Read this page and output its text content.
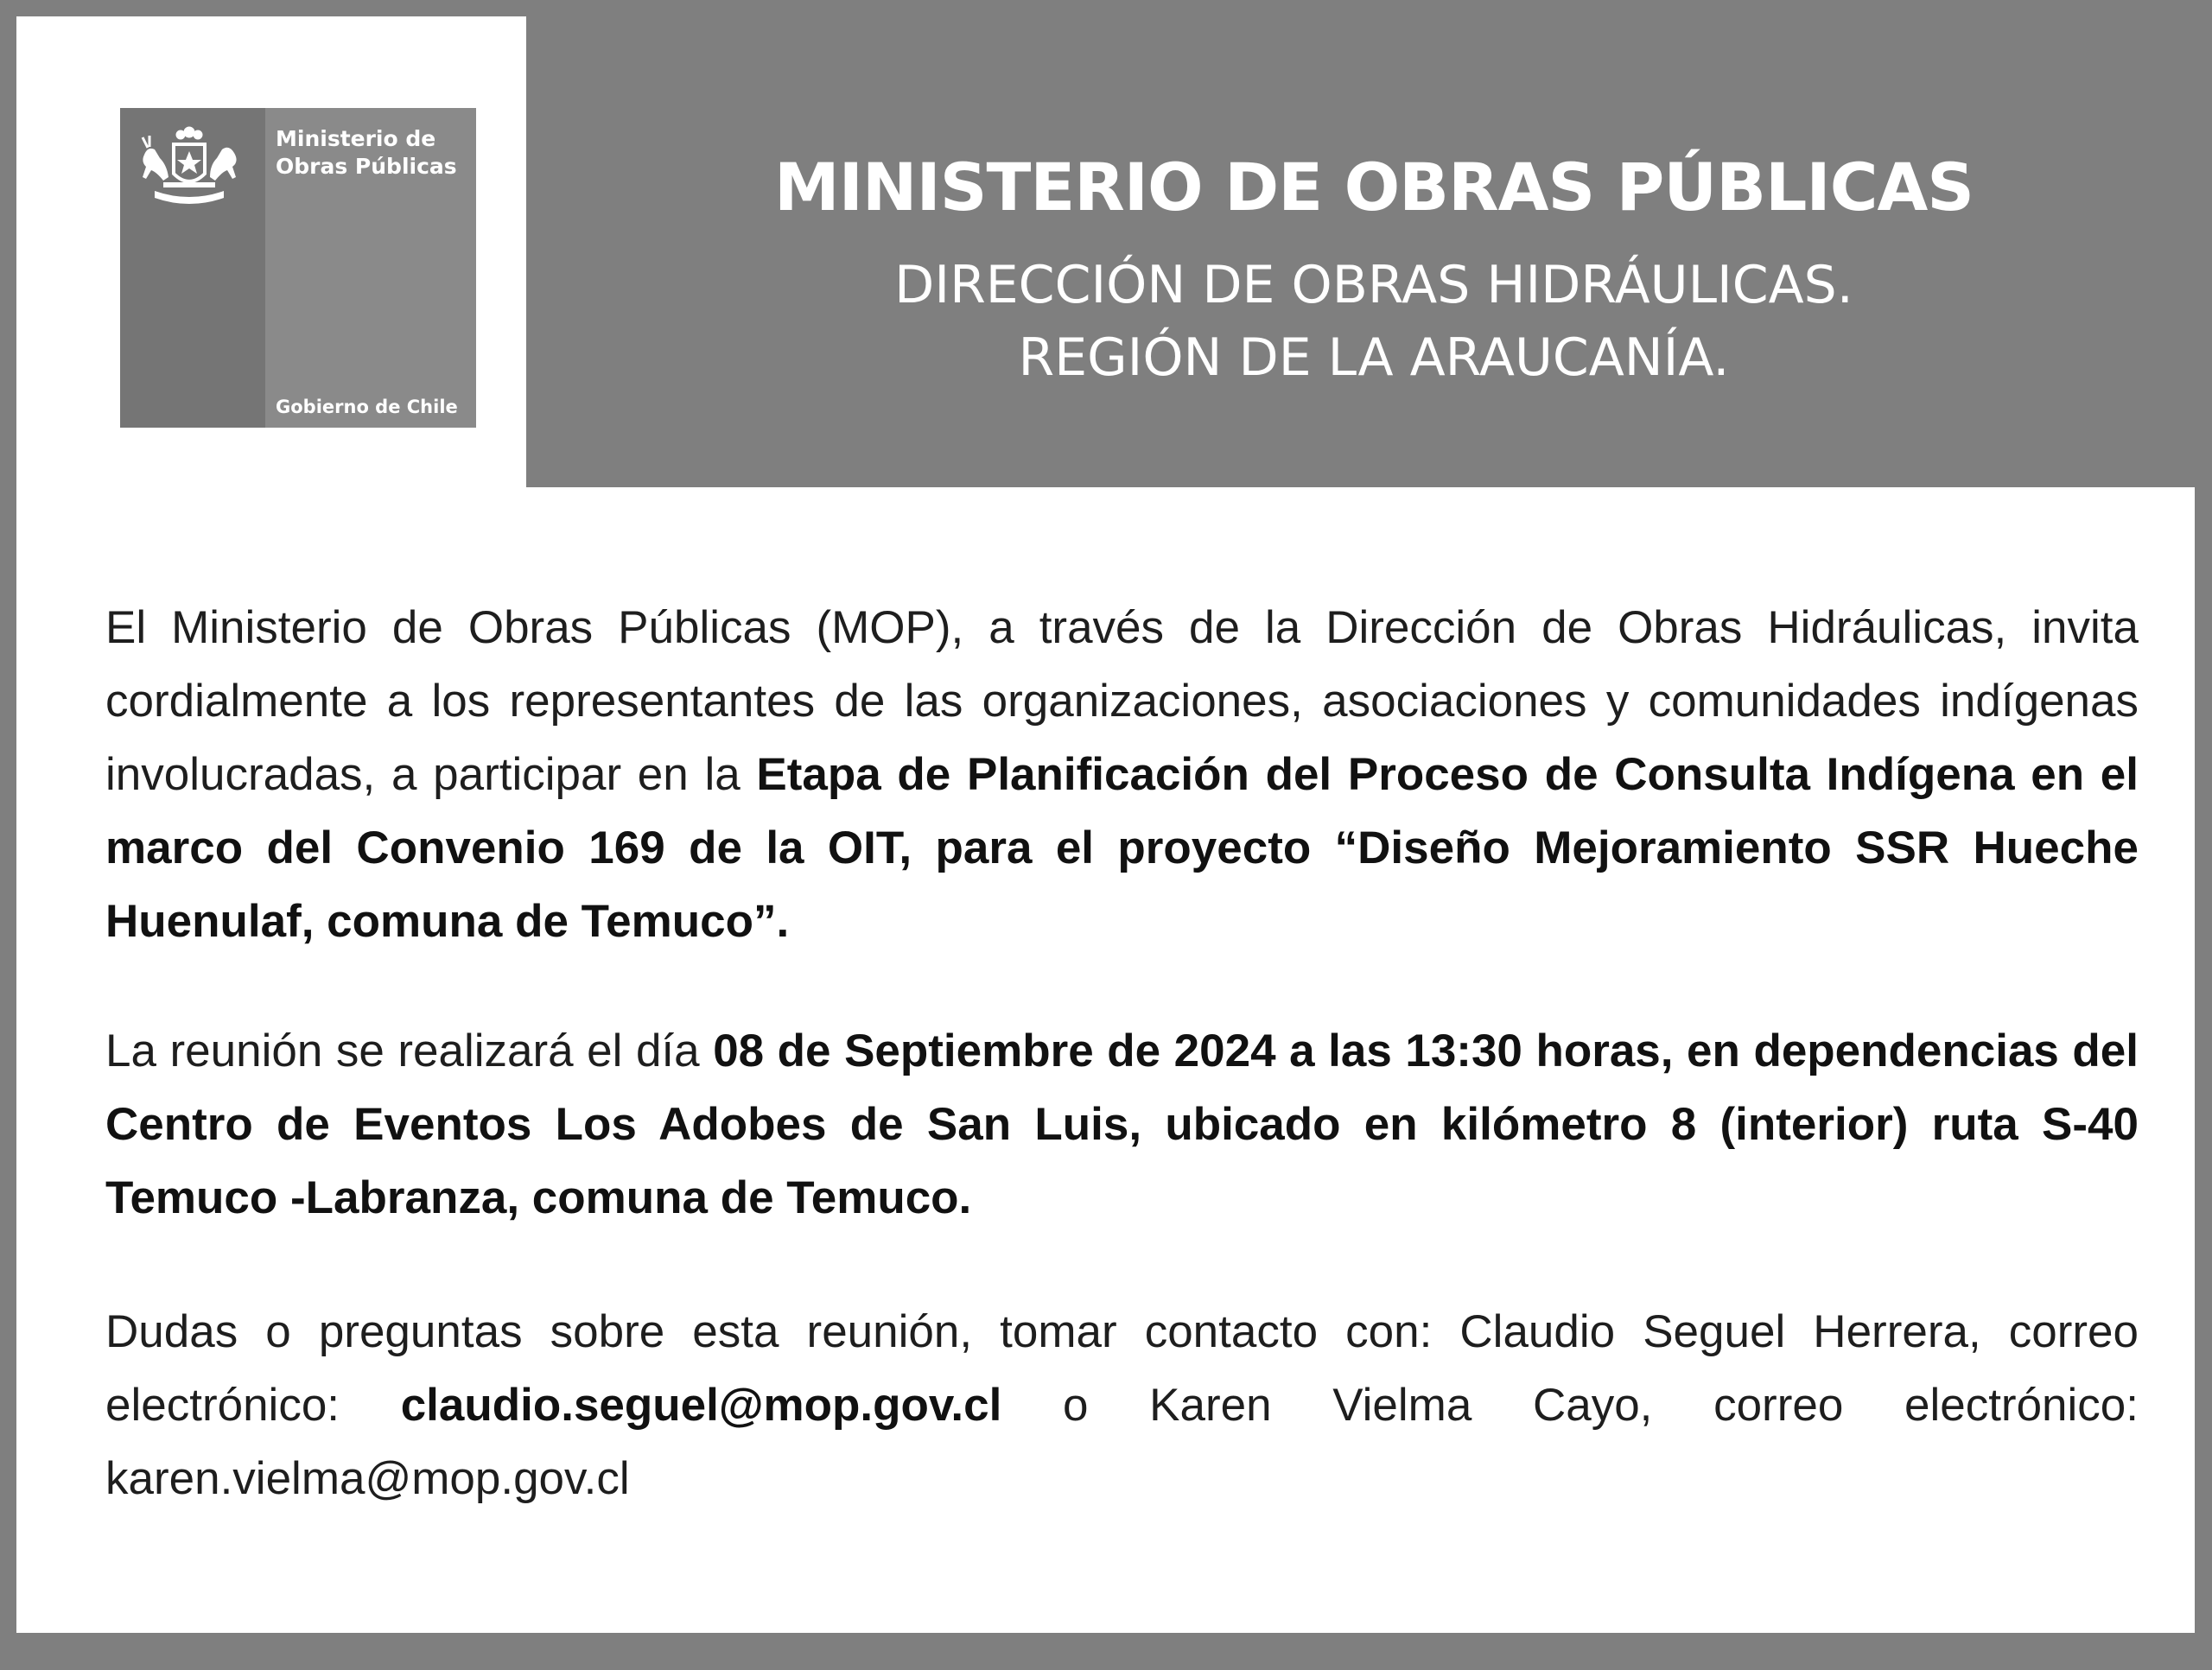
Ministerio de
Obras Públicas
Gobierno de Chile
MINISTERIO DE OBRAS PÚBLICAS
DIRECCIÓN DE OBRAS HIDRÁULICAS.
REGIÓN DE LA ARAUCANÍA.

El Ministerio de Obras Públicas (MOP), a través de la Dirección de Obras Hidráulicas, invita cordialmente a los representantes de las organizaciones, asociaciones y comunidades indígenas involucradas, a participar en la Etapa de Planificación del Proceso de Consulta Indígena en el marco del Convenio 169 de la OIT, para el proyecto “Diseño Mejoramiento SSR Hueche Huenulaf, comuna de Temuco”.

La reunión se realizará el día 08 de Septiembre de 2024 a las 13:30 horas, en dependencias del Centro de Eventos Los Adobes de San Luis, ubicado en kilómetro 8 (interior) ruta S-40 Temuco -Labranza, comuna de Temuco.

Dudas o preguntas sobre esta reunión, tomar contacto con: Claudio Seguel Herrera, correo electrónico: claudio.seguel@mop.gov.cl o Karen Vielma Cayo, correo electrónico: karen.vielma@mop.gov.cl
